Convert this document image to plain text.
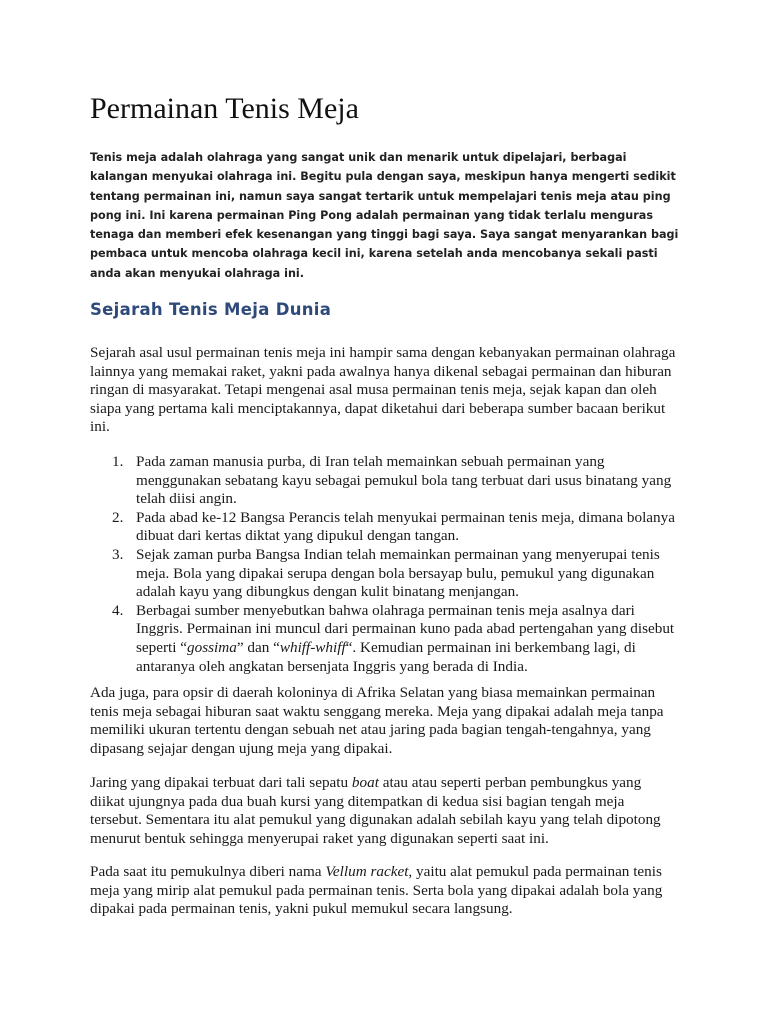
Permainan Tenis Meja

Tenis meja adalah olahraga yang sangat unik dan menarik untuk dipelajari, berbagai kalangan menyukai olahraga ini. Begitu pula dengan saya, meskipun hanya mengerti sedikit tentang permainan ini, namun saya sangat tertarik untuk mempelajari tenis meja atau ping pong ini. Ini karena permainan Ping Pong adalah permainan yang tidak terlalu menguras tenaga dan memberi efek kesenangan yang tinggi bagi saya. Saya sangat menyarankan bagi pembaca untuk mencoba olahraga kecil ini, karena setelah anda mencobanya sekali pasti anda akan menyukai olahraga ini.

Sejarah Tenis Meja Dunia

Sejarah asal usul permainan tenis meja ini hampir sama dengan kebanyakan permainan olahraga lainnya yang memakai raket, yakni pada awalnya hanya dikenal sebagai permainan dan hiburan ringan di masyarakat. Tetapi mengenai asal musa permainan tenis meja, sejak kapan dan oleh siapa yang pertama kali menciptakannya, dapat diketahui dari beberapa sumber bacaan berikut ini.

1. Pada zaman manusia purba, di Iran telah memainkan sebuah permainan yang menggunakan sebatang kayu sebagai pemukul bola tang terbuat dari usus binatang yang telah diisi angin.
2. Pada abad ke-12 Bangsa Perancis telah menyukai permainan tenis meja, dimana bolanya dibuat dari kertas diktat yang dipukul dengan tangan.
3. Sejak zaman purba Bangsa Indian telah memainkan permainan yang menyerupai tenis meja. Bola yang dipakai serupa dengan bola bersayap bulu, pemukul yang digunakan adalah kayu yang dibungkus dengan kulit binatang menjangan.
4. Berbagai sumber menyebutkan bahwa olahraga permainan tenis meja asalnya dari Inggris. Permainan ini muncul dari permainan kuno pada abad pertengahan yang disebut seperti “gossima” dan “whiff-whiff“. Kemudian permainan ini berkembang lagi, di antaranya oleh angkatan bersenjata Inggris yang berada di India.

Ada juga, para opsir di daerah koloninya di Afrika Selatan yang biasa memainkan permainan tenis meja sebagai hiburan saat waktu senggang mereka. Meja yang dipakai adalah meja tanpa memiliki ukuran tertentu dengan sebuah net atau jaring pada bagian tengah-tengahnya, yang dipasang sejajar dengan ujung meja yang dipakai.

Jaring yang dipakai terbuat dari tali sepatu boat atau atau seperti perban pembungkus yang diikat ujungnya pada dua buah kursi yang ditempatkan di kedua sisi bagian tengah meja tersebut. Sementara itu alat pemukul yang digunakan adalah sebilah kayu yang telah dipotong menurut bentuk sehingga menyerupai raket yang digunakan seperti saat ini.

Pada saat itu pemukulnya diberi nama Vellum racket, yaitu alat pemukul pada permainan tenis meja yang mirip alat pemukul pada permainan tenis. Serta bola yang dipakai adalah bola yang dipakai pada permainan tenis, yakni pukul memukul secara langsung.
